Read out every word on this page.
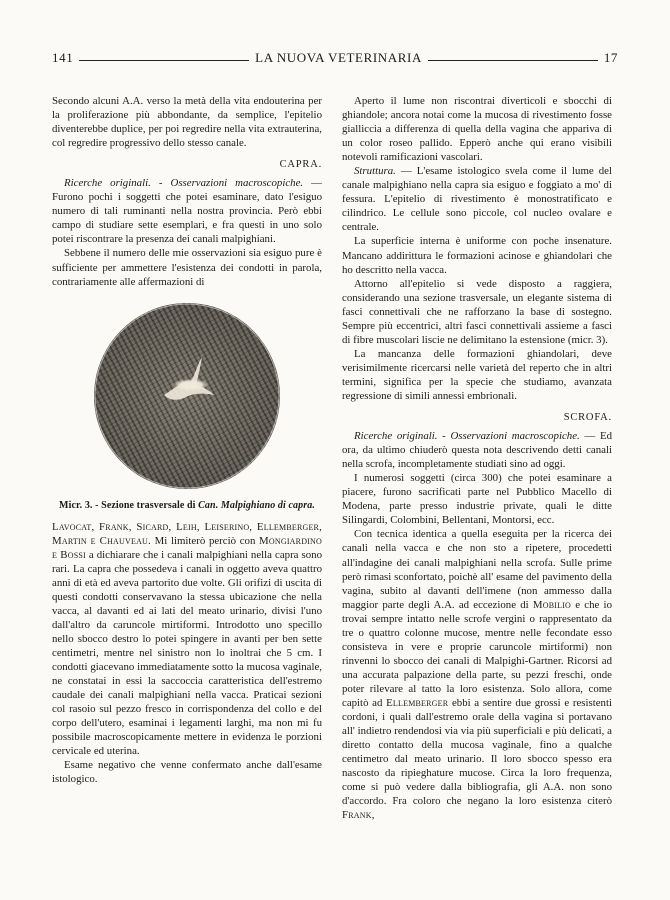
141	LA NUOVA VETERINARIA	17

Secondo alcuni A.A. verso la metà della vita endouterina per la proliferazione più abbondante, da semplice, l'epitelio diventerebbe duplice, per poi regredire nella vita extrauterina, col regredire progressivo dello stesso canale.

CAPRA.

Ricerche originali. - Osservazioni macroscopiche. — Furono pochi i soggetti che potei esaminare, dato l'esiguo numero di tali ruminanti nella nostra provincia. Però ebbi campo di studiare sette esemplari, e fra questi in uno solo potei riscontrare la presenza dei canali malpighiani.

Sebbene il numero delle mie osservazioni sia esiguo pure è sufficiente per ammettere l'esistenza dei condotti in parola, contrariamente alle affermazioni di

Micr. 3. - Sezione trasversale di Can. Malpighiano di capra.

Lavocat, Frank, Sicard, Leih, Leiserino, Ellemberger, Martin e Chauveau. Mi limiterò perciò con Mongiardino e Bossi a dichiarare che i canali malpighiani nella capra sono rari. La capra che possedeva i canali in oggetto aveva quattro anni di età ed aveva partorito due volte. Gli orifizi di uscita di questi condotti conservavano la stessa ubicazione che nella vacca, al davanti ed ai lati del meato urinario, divisi l'uno dall'altro da caruncole mirtiformi. Introdotto uno specillo nello sbocco destro lo potei spingere in avanti per ben sette centimetri, mentre nel sinistro non lo inoltrai che 5 cm. I condotti giacevano immediatamente sotto la mucosa vaginale, ne constatai in essi la saccoccia caratteristica dell'estremo caudale dei canali malpighiani nella vacca. Praticai sezioni col rasoio sul pezzo fresco in corrispondenza del collo e del corpo dell'utero, esaminai i legamenti larghi, ma non mi fu possibile macroscopicamente mettere in evidenza le porzioni cervicale ed uterina.

Esame negativo che venne confermato anche dall'esame istologico.

Aperto il lume non riscontrai diverticoli e sbocchi di ghiandole; ancora notai come la mucosa di rivestimento fosse gialliccia a differenza di quella della vagina che appariva di un color roseo pallido. Epperò anche qui erano visibili notevoli ramificazioni vascolari.

Struttura. — L'esame istologico svela come il lume del canale malpighiano nella capra sia esiguo e foggiato a mo' di fessura. L'epitelio di rivestimento è monostratificato e cilindrico. Le cellule sono piccole, col nucleo ovalare e centrale.

La superficie interna è uniforme con poche insenature. Mancano addirittura le formazioni acinose e ghiandolari che ho descritto nella vacca.

Attorno all'epitelio si vede disposto a raggiera, considerando una sezione trasversale, un elegante sistema di fasci connettivali che ne rafforzano la base di sostegno. Sempre più eccentrici, altri fasci connettivali assieme a fasci di fibre muscolari liscie ne delimitano la estensione (micr. 3).

La mancanza delle formazioni ghiandolari, deve verisimilmente ricercarsi nelle varietà del reperto che in altri termini, significa per la specie che studiamo, avanzata regressione di simili annessi embrionali.

SCROFA.

Ricerche originali. - Osservazioni macroscopiche. — Ed ora, da ultimo chiuderò questa nota descrivendo detti canali nella scrofa, incompletamente studiati sino ad oggi.

I numerosi soggetti (circa 300) che potei esaminare a piacere, furono sacrificati parte nel Pubblico Macello di Modena, parte presso industrie private, quali le ditte Silingardi, Colombini, Bellentani, Montorsi, ecc.

Con tecnica identica a quella eseguita per la ricerca dei canali nella vacca e che non sto a ripetere, procedetti all'indagine dei canali malpighiani nella scrofa. Sulle prime però rimasi sconfortato, poichè all' esame del pavimento della vagina, subito al davanti dell'imene (non ammesso dalla maggior parte degli A.A. ad eccezione di Mobilio e che io trovai sempre intatto nelle scrofe vergini o rappresentato da tre o quattro colonne mucose, mentre nelle fecondate esso consisteva in vere e proprie caruncole mirtiformi) non rinvenni lo sbocco dei canali di Malpighi-Gartner. Ricorsi ad una accurata palpazione della parte, su pezzi freschi, onde poter rilevare al tatto la loro esistenza. Solo allora, come capitò ad Ellemberger ebbi a sentire due grossi e resistenti cordoni, i quali dall'estremo orale della vagina si portavano all' indietro rendendosi via via più superficiali e più delicati, a diretto contatto della mucosa vaginale, fino a qualche centimetro dal meato urinario. Il loro sbocco spesso era nascosto da ripieghature mucose. Circa la loro frequenza, come si può vedere dalla bibliografia, gli A.A. non sono d'accordo. Fra coloro che negano la loro esistenza citerò Frank,
